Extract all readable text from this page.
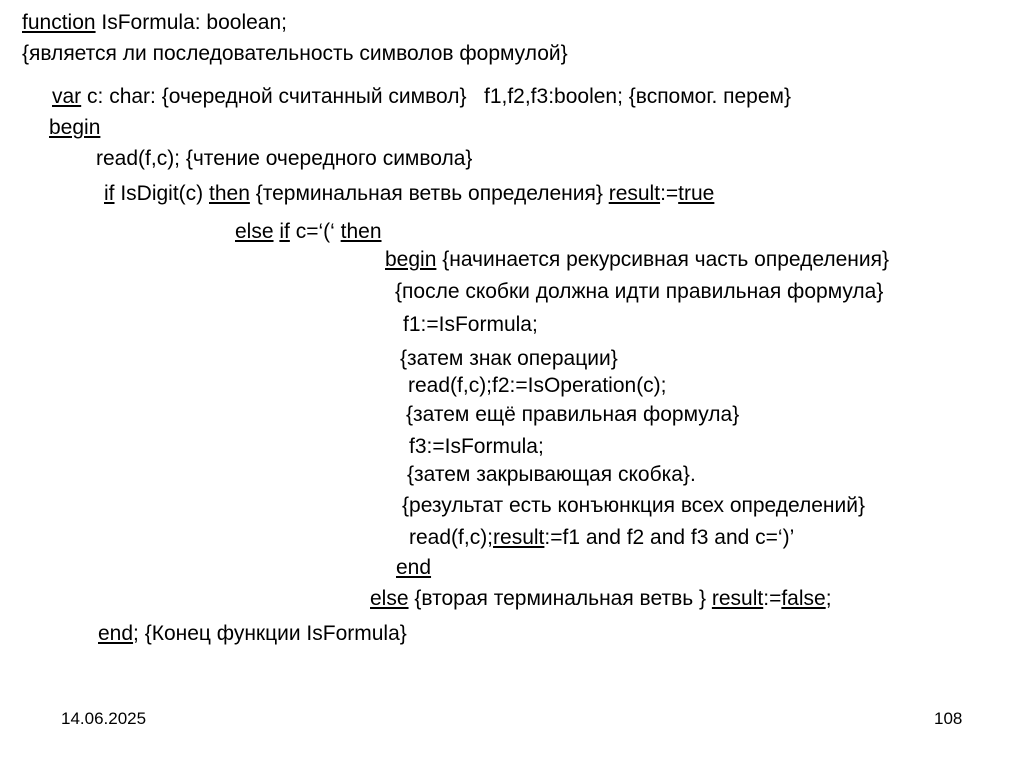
function IsFormula: boolean;

{является ли последовательность символов формулой}

var c: char: {очередной считанный символ}   f1,f2,f3:boolen; {вспомог. перем}

begin

read(f,c); {чтение очередного символа}

if IsDigit(c) then {терминальная ветвь определения} result:=true

else if c=‘(‘ then

begin {начинается рекурсивная часть определения}

{после скобки должна идти правильная формула}

f1:=IsFormula;

{затем знак операции}

read(f,c);f2:=IsOperation(c);

{затем ещё правильная формула}

f3:=IsFormula;

{затем закрывающая скобка}.

{результат есть конъюнкция всех определений}

read(f,c);result:=f1 and f2 and f3 and c=‘)’

end

else {вторая терминальная ветвь } result:=false;

end; {Конец функции IsFormula}

14.06.2025	108
